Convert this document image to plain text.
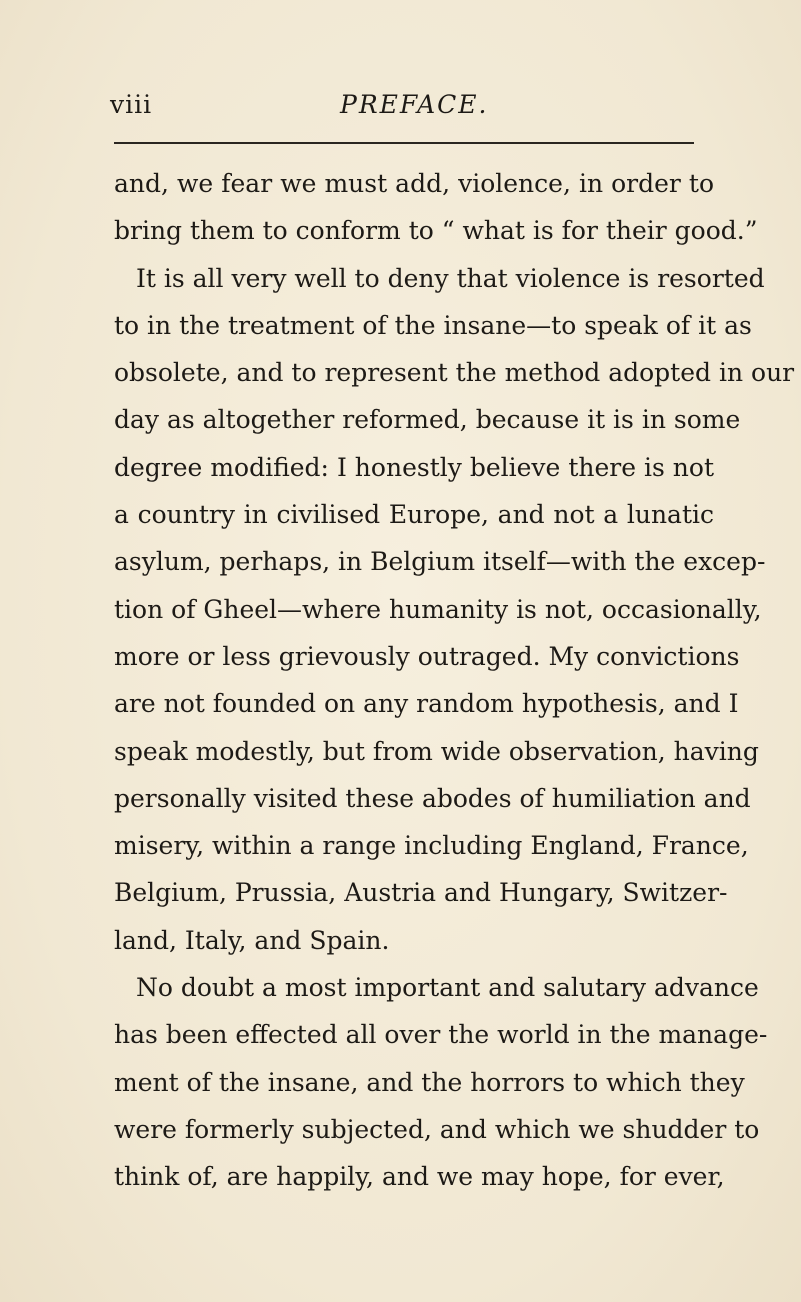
viii	PREFACE.
and, we fear we must add, violence, in order to
bring them to conform to “ what is for their good.”
It is all very well to deny that violence is resorted
to in the treatment of the insane—to speak of it as
obsolete, and to represent the method adopted in our
day as altogether reformed, because it is in some
degree modified: I honestly believe there is not
a country in civilised Europe, and not a lunatic
asylum, perhaps, in Belgium itself—with the excep-
tion of Gheel—where humanity is not, occasionally,
more or less grievously outraged. My convictions
are not founded on any random hypothesis, and I
speak modestly, but from wide observation, having
personally visited these abodes of humiliation and
misery, within a range including England, France,
Belgium, Prussia, Austria and Hungary, Switzer-
land, Italy, and Spain.
No doubt a most important and salutary advance
has been effected all over the world in the manage-
ment of the insane, and the horrors to which they
were formerly subjected, and which we shudder to
think of, are happily, and we may hope, for ever,
